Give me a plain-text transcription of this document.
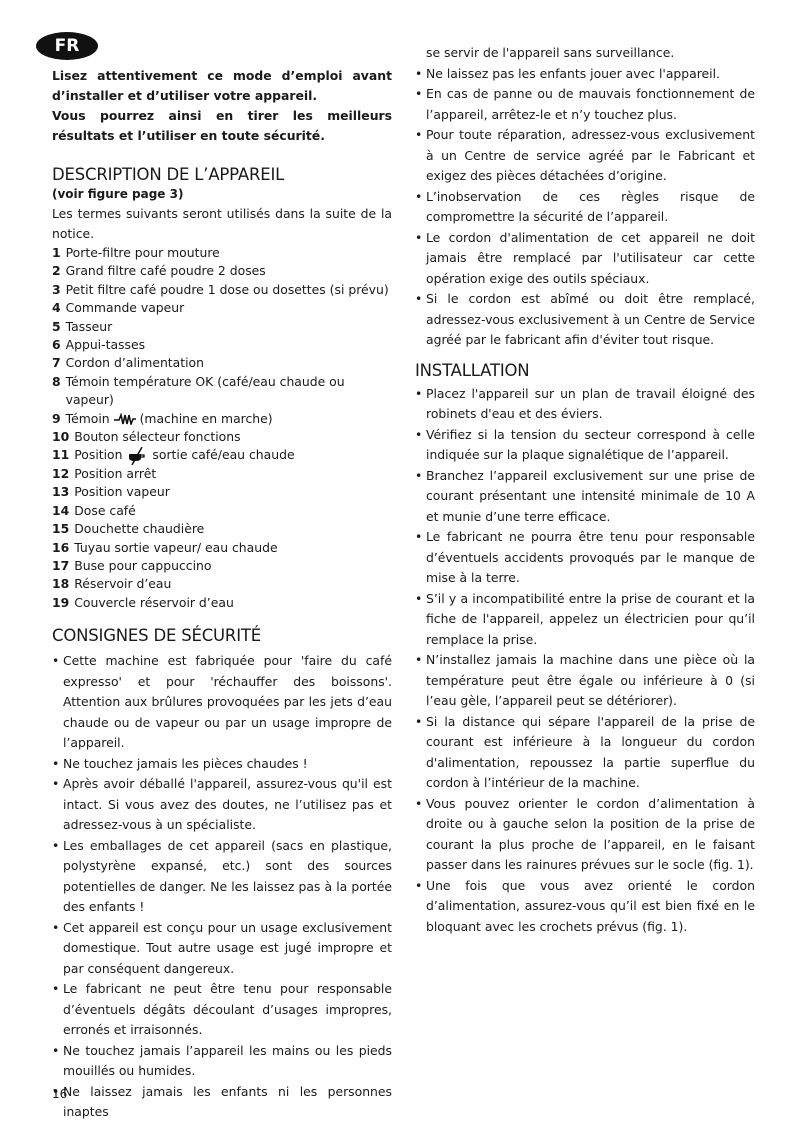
FR

Lisez attentivement ce mode d’emploi avant d’installer et d’utiliser votre appareil.

Vous pourrez ainsi en tirer les meilleurs résultats et l’utiliser en toute sécurité.

DESCRIPTION DE L’APPAREIL
(voir figure page 3)

Les termes suivants seront utilisés dans la suite de la notice.

1 Porte-filtre pour mouture
2 Grand filtre café poudre 2 doses
3 Petit filtre café poudre 1 dose ou dosettes (si prévu)
4 Commande vapeur
5 Tasseur
6 Appui-tasses
7 Cordon d’alimentation
8 Témoin température OK (café/eau chaude ou vapeur)
9 Témoin (machine en marche)
10 Bouton sélecteur fonctions
11 Position sortie café/eau chaude
12 Position arrêt
13 Position vapeur
14 Dose café
15 Douchette chaudière
16 Tuyau sortie vapeur/ eau chaude
17 Buse pour cappuccino
18 Réservoir d’eau
19 Couvercle réservoir d’eau
CONSIGNES DE SÉCURITÉ
• Cette machine est fabriquée pour 'faire du café expresso' et pour 'réchauffer des boissons'. Attention aux brûlures provoquées par les jets d’eau chaude ou de vapeur ou par un usage impropre de l’appareil.
• Ne touchez jamais les pièces chaudes !
• Après avoir déballé l'appareil, assurez-vous qu'il est intact. Si vous avez des doutes, ne l’utilisez pas et adressez-vous à un spécialiste.
• Les emballages de cet appareil (sacs en plastique, polystyrène expansé, etc.) sont des sources potentielles de danger. Ne les laissez pas à la portée des enfants !
• Cet appareil est conçu pour un usage exclusivement domestique. Tout autre usage est jugé impropre et par conséquent dangereux.
• Le fabricant ne peut être tenu pour responsable d’éventuels dégâts découlant d’usages impropres, erronés et irraisonnés.
• Ne touchez jamais l’appareil les mains ou les pieds mouillés ou humides.
• Ne laissez jamais les enfants ni les personnes inaptes
se servir de l'appareil sans surveillance.
• Ne laissez pas les enfants jouer avec l'appareil.
• En cas de panne ou de mauvais fonctionnement de l’appareil, arrêtez-le et n’y touchez plus.
• Pour toute réparation, adressez-vous exclusivement à un Centre de service agréé par le Fabricant et exigez des pièces détachées d’origine.
• L’inobservation de ces règles risque de compromettre la sécurité de l’appareil.
• Le cordon d'alimentation de cet appareil ne doit jamais être remplacé par l'utilisateur car cette opération exige des outils spéciaux.
• Si le cordon est abîmé ou doit être remplacé, adressez-vous exclusivement à un Centre de Service agréé par le fabricant afin d'éviter tout risque.
INSTALLATION
• Placez l'appareil sur un plan de travail éloigné des robinets d'eau et des éviers.
• Vérifiez si la tension du secteur correspond à celle indiquée sur la plaque signalétique de l’appareil.
• Branchez l’appareil exclusivement sur une prise de courant présentant une intensité minimale de 10 A et munie d’une terre efficace.
• Le fabricant ne pourra être tenu pour responsable d’éventuels accidents provoqués par le manque de mise à la terre.
• S’il y a incompatibilité entre la prise de courant et la fiche de l'appareil, appelez un électricien pour qu’il remplace la prise.
• N’installez jamais la machine dans une pièce où la température peut être égale ou inférieure à 0 (si l’eau gèle, l’appareil peut se détériorer).
• Si la distance qui sépare l'appareil de la prise de courant est inférieure à la longueur du cordon d'alimentation, repoussez la partie superflue du cordon à l’intérieur de la machine.
• Vous pouvez orienter le cordon d’alimentation à droite ou à gauche selon la position de la prise de courant la plus proche de l’appareil, en le faisant passer dans les rainures prévues sur le socle (fig. 1).
• Une fois que vous avez orienté le cordon d’alimentation, assurez-vous qu’il est bien fixé en le bloquant avec les crochets prévus (fig. 1).
16
